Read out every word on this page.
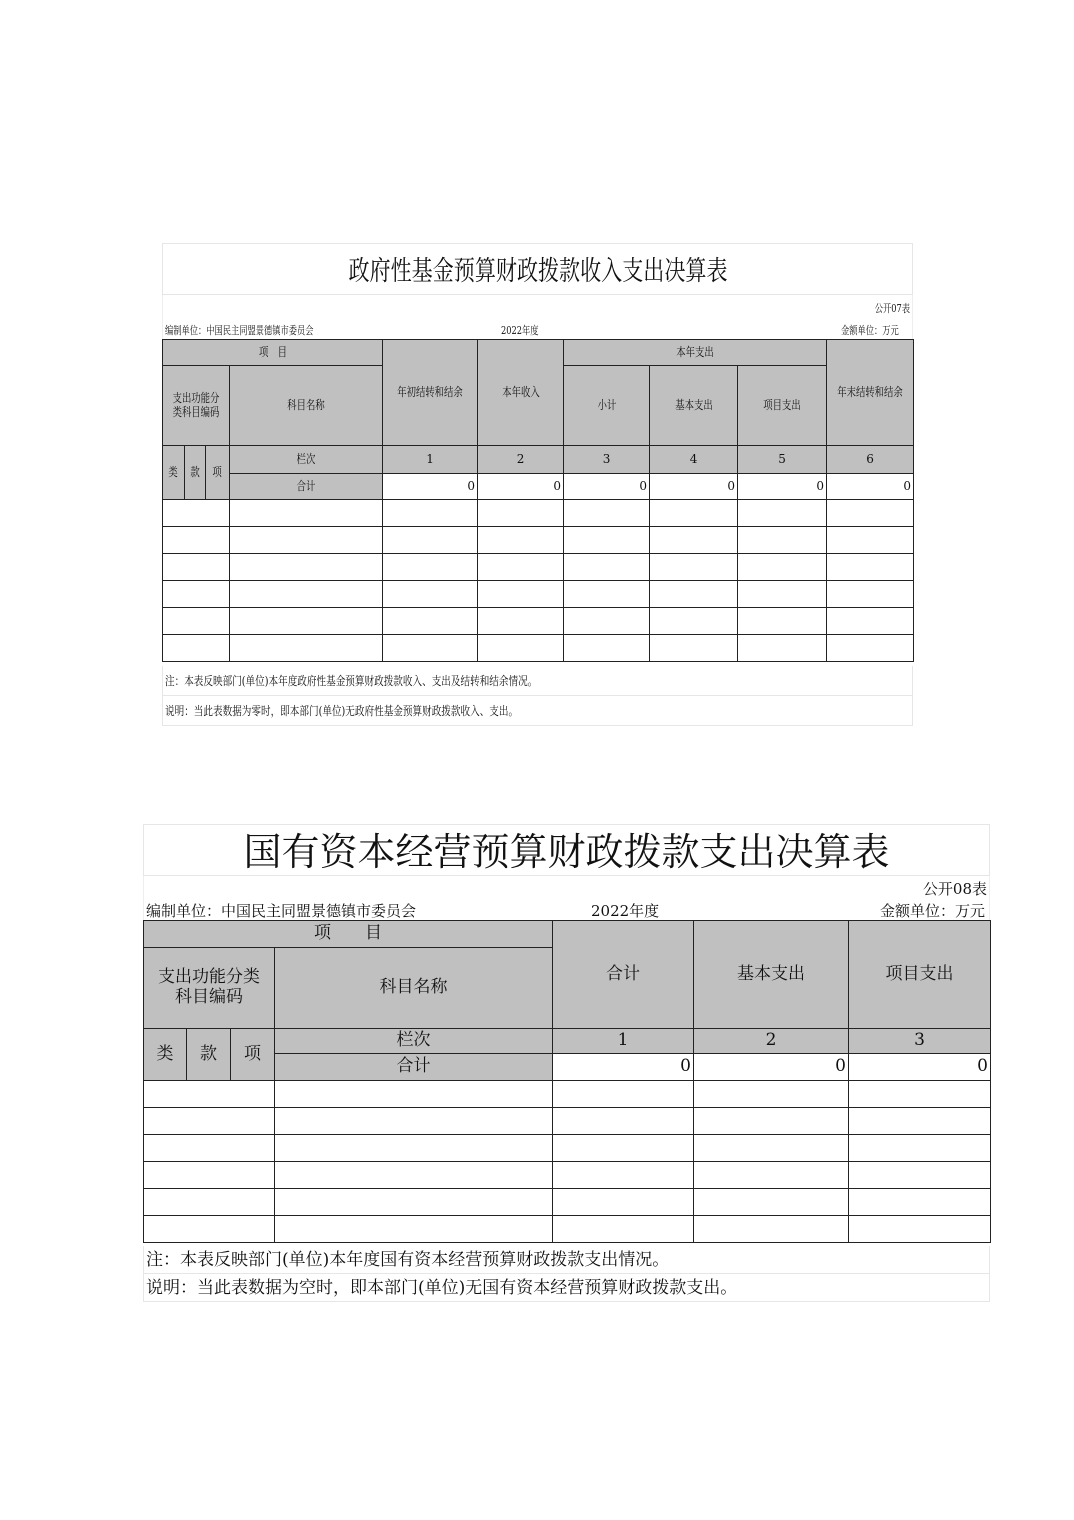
政府性基金预算财政拨款收入支出决算表
公开07表
编制单位：中国民主同盟景德镇市委员会	2022年度	金额单位：万元
项　目				年初结转和结余	本年收入	本年支出			年末结转和结余
支出功能分类科目编码			科目名称			小计	基本支出	项目支出	

类	款	项	栏次	1	2	3	4	5	6
			合计	0	0	0	0	0	0

注：本表反映部门(单位)本年度政府性基金预算财政拨款收入、支出及结转和结余情况。
说明：当此表数据为零时，即本部门(单位)无政府性基金预算财政拨款收入、支出。
国有资本经营预算财政拨款支出决算表
公开08表
编制单位：中国民主同盟景德镇市委员会	2022年度	金额单位：万元
项　　目				合计	基本支出	项目支出
支出功能分类科目编码			科目名称			

类	款	项	栏次	1	2	3
			合计	0	0	0

注：本表反映部门(单位)本年度国有资本经营预算财政拨款支出情况。
说明：当此表数据为空时，即本部门(单位)无国有资本经营预算财政拨款支出。
